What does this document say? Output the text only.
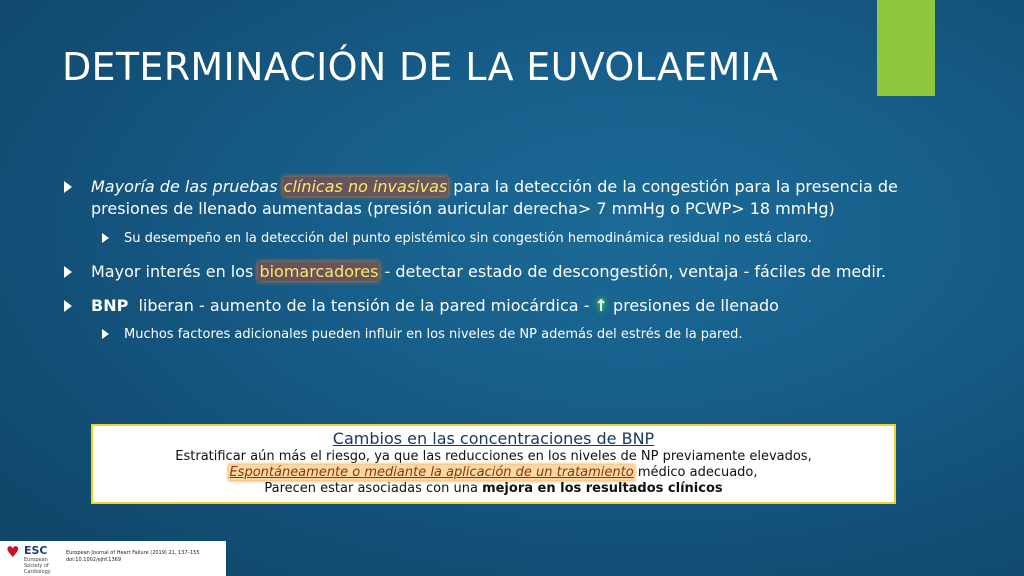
DETERMINACIÓN DE LA EUVOLAEMIA
Mayoría de las pruebas clínicas no invasivas para la detección de la congestión para la presencia de presiones de llenado aumentadas (presión auricular derecha> 7 mmHg o PCWP> 18 mmHg)
Su desempeño en la detección del punto epistémico sin congestión hemodinámica residual no está claro.
Mayor interés en los biomarcadores - detectar estado de descongestión, ventaja - fáciles de medir.
BNP  liberan - aumento de la tensión de la pared miocárdica - ↑ presiones de llenado
Muchos factores adicionales pueden influir en los niveles de NP además del estrés de la pared.
Cambios en las concentraciones de BNP
Estratificar aún más el riesgo, ya que las reducciones en los niveles de NP previamente elevados,
Espontáneamente o mediante la aplicación de un tratamiento médico adecuado,
Parecen estar asociadas con una mejora en los resultados clínicos
♥ ESC
European Society of Cardiology
European Journal of Heart Failure (2019) 21, 137–155
doi:10.1002/ejhf.1369
